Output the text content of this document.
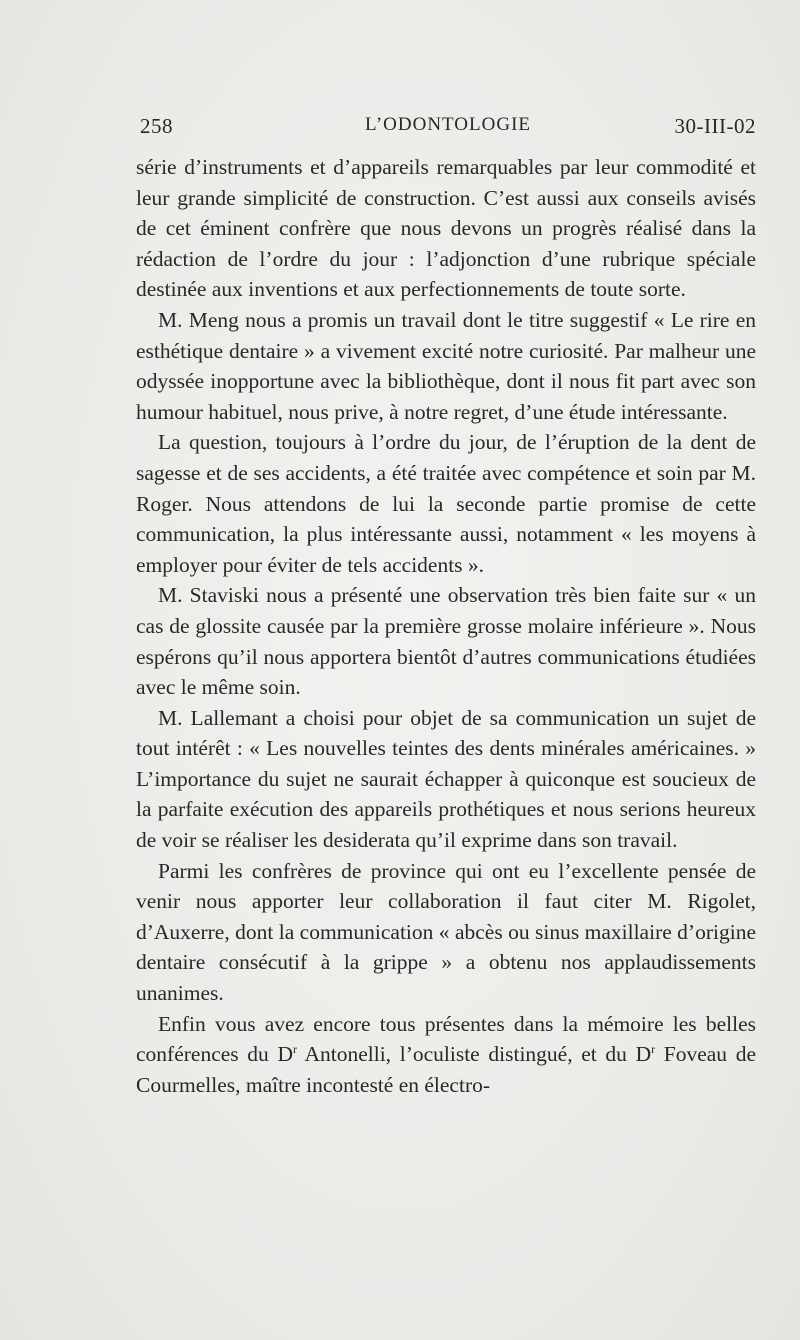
258	L’ODONTOLOGIE	30-III-02

série d’instruments et d’appareils remarquables par leur commodité et leur grande simplicité de construction. C’est aussi aux conseils avisés de cet éminent confrère que nous devons un progrès réalisé dans la rédaction de l’ordre du jour : l’adjonction d’une rubrique spéciale destinée aux inventions et aux perfectionnements de toute sorte.

M. Meng nous a promis un travail dont le titre suggestif « Le rire en esthétique dentaire » a vivement excité notre curiosité. Par malheur une odyssée inopportune avec la bibliothèque, dont il nous fit part avec son humour habituel, nous prive, à notre regret, d’une étude intéressante.

La question, toujours à l’ordre du jour, de l’éruption de la dent de sagesse et de ses accidents, a été traitée avec compétence et soin par M. Roger. Nous attendons de lui la seconde partie promise de cette communication, la plus intéressante aussi, notamment « les moyens à employer pour éviter de tels accidents ».

M. Staviski nous a présenté une observation très bien faite sur « un cas de glossite causée par la première grosse molaire inférieure ». Nous espérons qu’il nous apportera bientôt d’autres communications étudiées avec le même soin.

M. Lallemant a choisi pour objet de sa communication un sujet de tout intérêt : « Les nouvelles teintes des dents minérales américaines. » L’importance du sujet ne saurait échapper à quiconque est soucieux de la parfaite exécution des appareils prothétiques et nous serions heureux de voir se réaliser les desiderata qu’il exprime dans son travail.

Parmi les confrères de province qui ont eu l’excellente pensée de venir nous apporter leur collaboration il faut citer M. Rigolet, d’Auxerre, dont la communication « abcès ou sinus maxillaire d’origine dentaire consécutif à la grippe » a obtenu nos applaudissements unanimes.

Enfin vous avez encore tous présentes dans la mémoire les belles conférences du $D^r$ Antonelli, l’oculiste distingué, et du $D^r$ Foveau de Courmelles, maître incontesté en électro-
